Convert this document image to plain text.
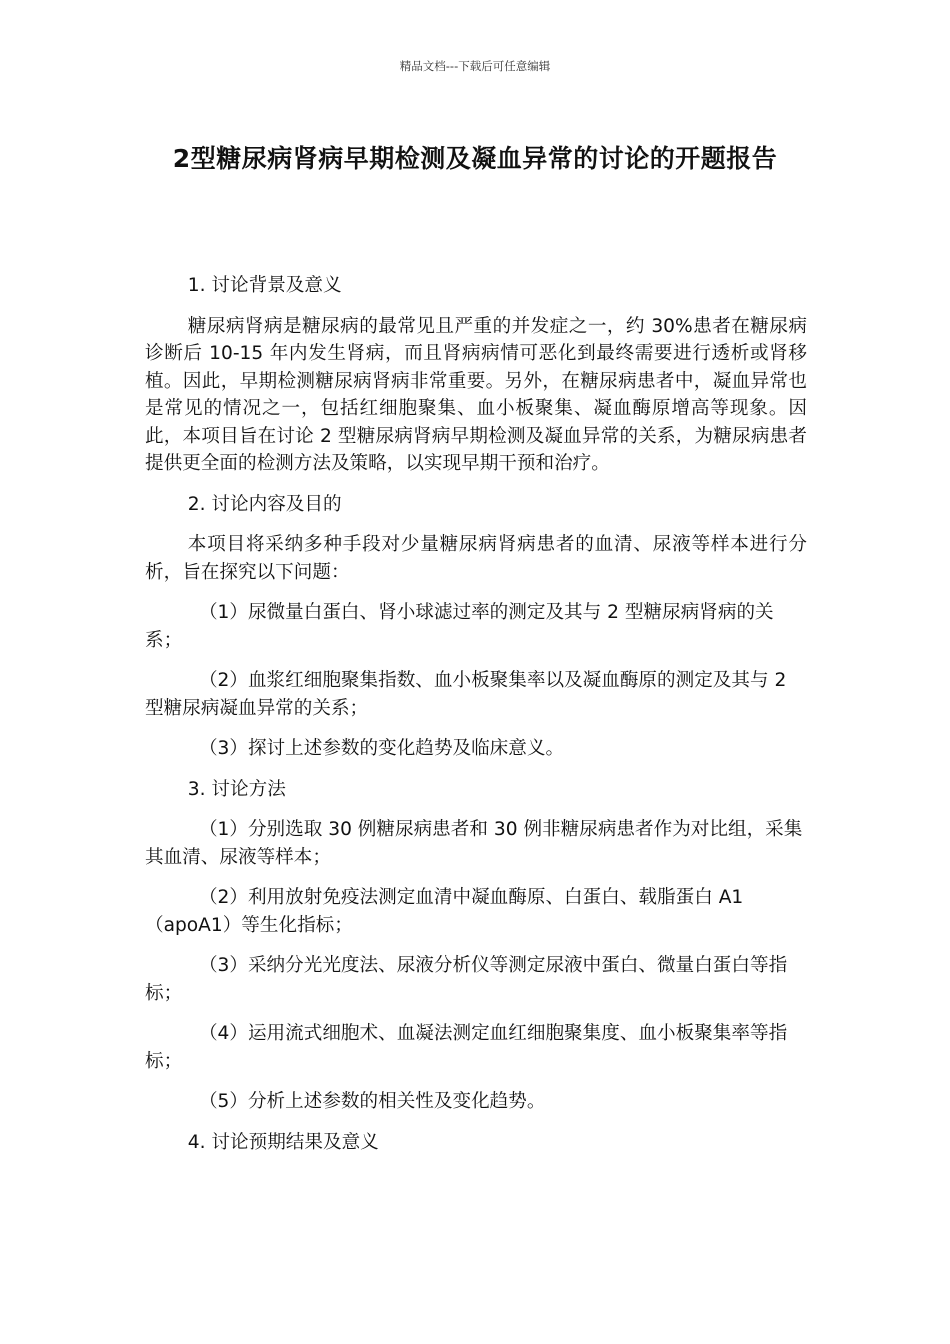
精品文档---下载后可任意编辑
2型糖尿病肾病早期检测及凝血异常的讨论的开题报告
1. 讨论背景及意义
糖尿病肾病是糖尿病的最常见且严重的并发症之一，约 30%患者在糖尿病诊断后 10-15 年内发生肾病，而且肾病病情可恶化到最终需要进行透析或肾移植。因此，早期检测糖尿病肾病非常重要。另外，在糖尿病患者中，凝血异常也是常见的情况之一，包括红细胞聚集、血小板聚集、凝血酶原增高等现象。因此，本项目旨在讨论 2 型糖尿病肾病早期检测及凝血异常的关系，为糖尿病患者提供更全面的检测方法及策略，以实现早期干预和治疗。
2. 讨论内容及目的
本项目将采纳多种手段对少量糖尿病肾病患者的血清、尿液等样本进行分析，旨在探究以下问题：
（1）尿微量白蛋白、肾小球滤过率的测定及其与 2 型糖尿病肾病的关系；
（2）血浆红细胞聚集指数、血小板聚集率以及凝血酶原的测定及其与 2 型糖尿病凝血异常的关系；
（3）探讨上述参数的变化趋势及临床意义。
3. 讨论方法
（1）分别选取 30 例糖尿病患者和 30 例非糖尿病患者作为对比组，采集其血清、尿液等样本；
（2）利用放射免疫法测定血清中凝血酶原、白蛋白、载脂蛋白 A1（apoA1）等生化指标；
（3）采纳分光光度法、尿液分析仪等测定尿液中蛋白、微量白蛋白等指标；
（4）运用流式细胞术、血凝法测定血红细胞聚集度、血小板聚集率等指标；
（5）分析上述参数的相关性及变化趋势。
4. 讨论预期结果及意义
